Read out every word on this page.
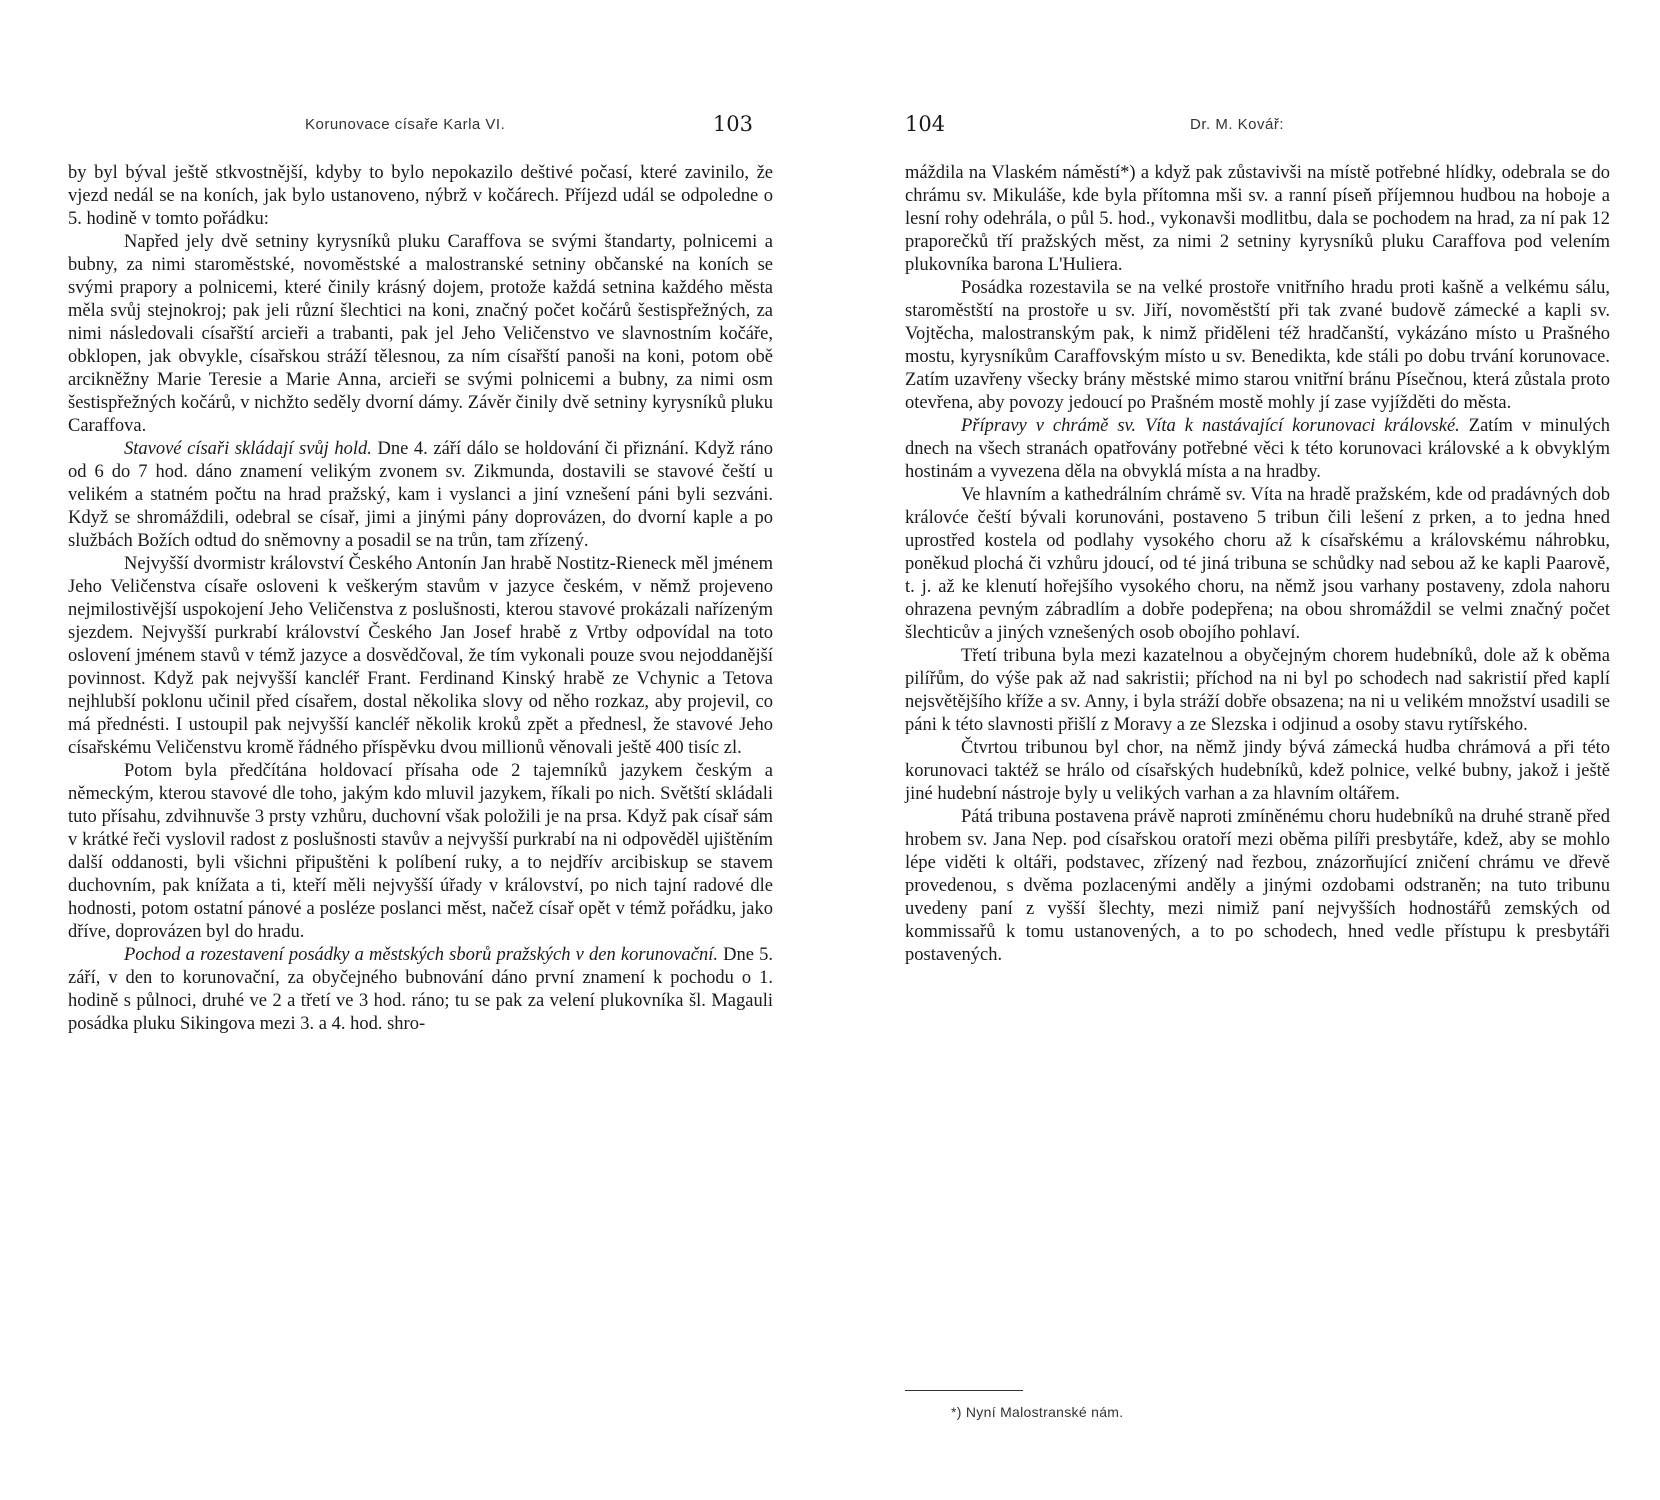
Korunovace císaře Karla VI.	103

by byl býval ještě stkvostnější, kdyby to bylo nepokazilo deštivé počasí, které zavinilo, že vjezd nedál se na koních, jak bylo ustanoveno, nýbrž v kočárech. Příjezd udál se odpoledne o 5. hodině v tomto pořádku:

Napřed jely dvě setniny kyrysníků pluku Caraffova se svými štandarty, polnicemi a bubny, za nimi staroměstské, novoměstské a malostranské setniny občanské na koních se svými prapory a polnicemi, které činily krásný dojem, protože každá setnina každého města měla svůj stejnokroj; pak jeli různí šlechtici na koni, značný počet kočárů šestispřežných, za nimi následovali císařští arcieři a trabanti, pak jel Jeho Veličenstvo ve slavnostním kočáře, obklopen, jak obvykle, císařskou stráží tělesnou, za ním císařští panoši na koni, potom obě arcikněžny Marie Teresie a Marie Anna, arcieři se svými polnicemi a bubny, za nimi osm šestispřežných kočárů, v nichžto seděly dvorní dámy. Závěr činily dvě setniny kyrysníků pluku Caraffova.

Stavové císaři skládají svůj hold. Dne 4. září dálo se holdování či přiznání. Když ráno od 6 do 7 hod. dáno znamení velikým zvonem sv. Zikmunda, dostavili se stavové čeští u velikém a statném počtu na hrad pražský, kam i vyslanci a jiní vznešení páni byli sezváni. Když se shromáždili, odebral se císař, jimi a jinými pány doprovázen, do dvorní kaple a po službách Božích odtud do sněmovny a posadil se na trůn, tam zřízený.

Nejvyšší dvormistr království Českého Antonín Jan hrabě Nostitz-Rieneck měl jménem Jeho Veličenstva císaře osloveni k veškerým stavům v jazyce českém, v němž projeveno nejmilostivější uspokojení Jeho Veličenstva z poslušnosti, kterou stavové prokázali nařízeným sjezdem. Nejvyšší purkrabí království Českého Jan Josef hrabě z Vrtby odpovídal na toto oslovení jménem stavů v témž jazyce a dosvědčoval, že tím vykonali pouze svou nejoddanější povinnost. Když pak nejvyšší kancléř Frant. Ferdinand Kinský hrabě ze Vchynic a Tetova nejhlubší poklonu učinil před císařem, dostal několika slovy od něho rozkaz, aby projevil, co má přednésti. I ustoupil pak nejvyšší kancléř několik kroků zpět a přednesl, že stavové Jeho císařskému Veličenstvu kromě řádného příspěvku dvou millionů věnovali ještě 400 tisíc zl.

Potom byla předčítána holdovací přísaha ode 2 tajemníků jazykem českým a německým, kterou stavové dle toho, jakým kdo mluvil jazykem, říkali po nich. Světští skládali tuto přísahu, zdvihnuvše 3 prsty vzhůru, duchovní však položili je na prsa. Když pak císař sám v krátké řeči vyslovil radost z poslušnosti stavův a nejvyšší purkrabí na ni odpověděl ujištěním další oddanosti, byli všichni připuštěni k políbení ruky, a to nejdřív arcibiskup se stavem duchovním, pak knížata a ti, kteří měli nejvyšší úřady v království, po nich tajní radové dle hodnosti, potom ostatní pánové a posléze poslanci měst, načež císař opět v témž pořádku, jako dříve, doprovázen byl do hradu.

Pochod a rozestavení posádky a městských sborů pražských v den korunovační. Dne 5. září, v den to korunovační, za obyčejného bubnování dáno první znamení k pochodu o 1. hodině s půlnoci, druhé ve 2 a třetí ve 3 hod. ráno; tu se pak za velení plukovníka šl. Magauli posádka pluku Sikingova mezi 3. a 4. hod. shro-

104	Dr. M. Kovář:

máždila na Vlaském náměstí*) a když pak zůstavivši na místě potřebné hlídky, odebrala se do chrámu sv. Mikuláše, kde byla přítomna mši sv. a ranní píseň příjemnou hudbou na hoboje a lesní rohy odehrála, o půl 5. hod., vykonavši modlitbu, dala se pochodem na hrad, za ní pak 12 praporečků tří pražských měst, za nimi 2 setniny kyrysníků pluku Caraffova pod velením plukovníka barona L'Huliera.

Posádka rozestavila se na velké prostoře vnitřního hradu proti kašně a velkému sálu, staroměstští na prostoře u sv. Jiří, novoměstští při tak zvané budově zámecké a kapli sv. Vojtěcha, malostranským pak, k nimž přiděleni též hradčanští, vykázáno místo u Prašného mostu, kyrysníkům Caraffovským místo u sv. Benedikta, kde stáli po dobu trvání korunovace. Zatím uzavřeny všecky brány městské mimo starou vnitřní bránu Písečnou, která zůstala proto otevřena, aby povozy jedoucí po Prašném mostě mohly jí zase vyjížděti do města.

Přípravy v chrámě sv. Víta k nastávající korunovaci královské. Zatím v minulých dnech na všech stranách opatřovány potřebné věci k této korunovaci královské a k obvyklým hostinám a vyvezena děla na obvyklá místa a na hradby.

Ve hlavním a kathedrálním chrámě sv. Víta na hradě pražském, kde od pradávných dob královće čeští bývali korunováni, postaveno 5 tribun čili lešení z prken, a to jedna hned uprostřed kostela od podlahy vysokého choru až k císařskému a královskému náhrobku, poněkud plochá či vzhůru jdoucí, od té jiná tribuna se schůdky nad sebou až ke kapli Paarově, t. j. až ke klenutí hořejšího vysokého choru, na němž jsou varhany postaveny, zdola nahoru ohrazena pevným zábradlím a dobře podepřena; na obou shromáždil se velmi značný počet šlechticův a jiných vznešených osob obojího pohlaví.

Třetí tribuna byla mezi kazatelnou a obyčejným chorem hudebníků, dole až k oběma pilířům, do výše pak až nad sakristii; příchod na ni byl po schodech nad sakristií před kaplí nejsvětějšího kříže a sv. Anny, i byla stráží dobře obsazena; na ni u velikém množství usadili se páni k této slavnosti přišlí z Moravy a ze Slezska i odjinud a osoby stavu rytířského.

Čtvrtou tribunou byl chor, na němž jindy bývá zámecká hudba chrámová a při této korunovaci taktéž se hrálo od císařských hudebníků, kdež polnice, velké bubny, jakož i ještě jiné hudební nástroje byly u velikých varhan a za hlavním oltářem.

Pátá tribuna postavena právě naproti zmíněnému choru hudebníků na druhé straně před hrobem sv. Jana Nep. pod císařskou oratoří mezi oběma pilíři presbytáře, kdež, aby se mohlo lépe viděti k oltáři, podstavec, zřízený nad řezbou, znázorňující zničení chrámu ve dřevě provedenou, s dvěma pozlacenými anděly a jinými ozdobami odstraněn; na tuto tribunu uvedeny paní z vyšší šlechty, mezi nimiž paní nejvyšších hodnostářů zemských od kommissařů k tomu ustanovených, a to po schodech, hned vedle přístupu k presbytáři postavených.

*) Nyní Malostranské nám.
